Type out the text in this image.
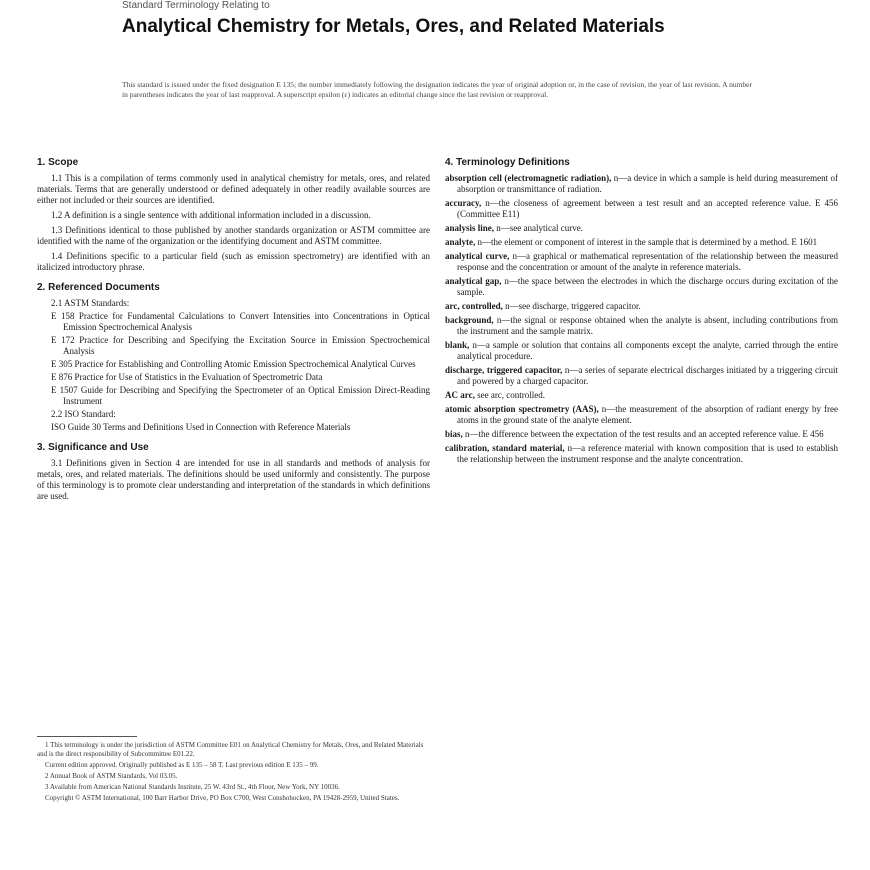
Standard Terminology Relating to
Analytical Chemistry for Metals, Ores, and Related Materials
This standard is issued under the fixed designation E 135; the number immediately following the designation indicates the year of original adoption or, in the case of revision, the year of last revision. A number in parentheses indicates the year of last reapproval. A superscript epsilon (ε) indicates an editorial change since the last revision or reapproval.
1. Scope

1.1 This is a compilation of terms commonly used in analytical chemistry for metals, ores, and related materials. Terms that are generally understood or defined adequately in other readily available sources are either not included or their sources are identified.

1.2 A definition is a single sentence with additional information included in a discussion.

1.3 Definitions identical to those published by another standards organization or ASTM committee are identified with the name of the organization or the identifying document and ASTM committee.

1.4 Definitions specific to a particular field (such as emission spectrometry) are identified with an italicized introductory phrase.

2. Referenced Documents
2.1 ASTM Standards:
E 158 Practice for Fundamental Calculations to Convert Intensities into Concentrations in Optical Emission Spectrochemical Analysis
E 172 Practice for Describing and Specifying the Excitation Source in Emission Spectrochemical Analysis
E 305 Practice for Establishing and Controlling Atomic Emission Spectrochemical Analytical Curves
E 876 Practice for Use of Statistics in the Evaluation of Spectrometric Data
E 1507 Guide for Describing and Specifying the Spectrometer of an Optical Emission Direct-Reading Instrument
2.2 ISO Standard:
ISO Guide 30 Terms and Definitions Used in Connection with Reference Materials
3. Significance and Use

3.1 Definitions given in Section 4 are intended for use in all standards and methods of analysis for metals, ores, and related materials. The definitions should be used uniformly and consistently. The purpose of this terminology is to promote clear understanding and interpretation of the standards in which definitions are used.

1 This terminology is under the jurisdiction of ASTM Committee E01 on Analytical Chemistry for Metals, Ores, and Related Materials and is the direct responsibility of Subcommittee E01.22.
Current edition approved. Originally published as E 135 – 58 T. Last previous edition E 135 – 99.
2 Annual Book of ASTM Standards, Vol 03.05.
3 Available from American National Standards Institute, 25 W. 43rd St., 4th Floor, New York, NY 10036.
Copyright © ASTM International, 100 Barr Harbor Drive, PO Box C700, West Conshohocken, PA 19428-2959, United States.
4. Terminology Definitions
absorption cell (electromagnetic radiation), n—a device in which a sample is held during measurement of absorption or transmittance of radiation.
accuracy, n—the closeness of agreement between a test result and an accepted reference value. E 456 (Committee E11)
analysis line, n—see analytical curve.
analyte, n—the element or component of interest in the sample that is determined by a method. E 1601
analytical curve, n—a graphical or mathematical representation of the relationship between the measured response and the concentration or amount of the analyte in reference materials.
analytical gap, n—the space between the electrodes in which the discharge occurs during excitation of the sample.
arc, controlled, n—see discharge, triggered capacitor.
background, n—the signal or response obtained when the analyte is absent, including contributions from the instrument and the sample matrix.
blank, n—a sample or solution that contains all components except the analyte, carried through the entire analytical procedure.
discharge, triggered capacitor, n—a series of separate electrical discharges initiated by a triggering circuit and powered by a charged capacitor.
AC arc, see arc, controlled.
atomic absorption spectrometry (AAS), n—the measurement of the absorption of radiant energy by free atoms in the ground state of the analyte element.
bias, n—the difference between the expectation of the test results and an accepted reference value. E 456
calibration, standard material, n—a reference material with known composition that is used to establish the relationship between the instrument response and the analyte concentration.
